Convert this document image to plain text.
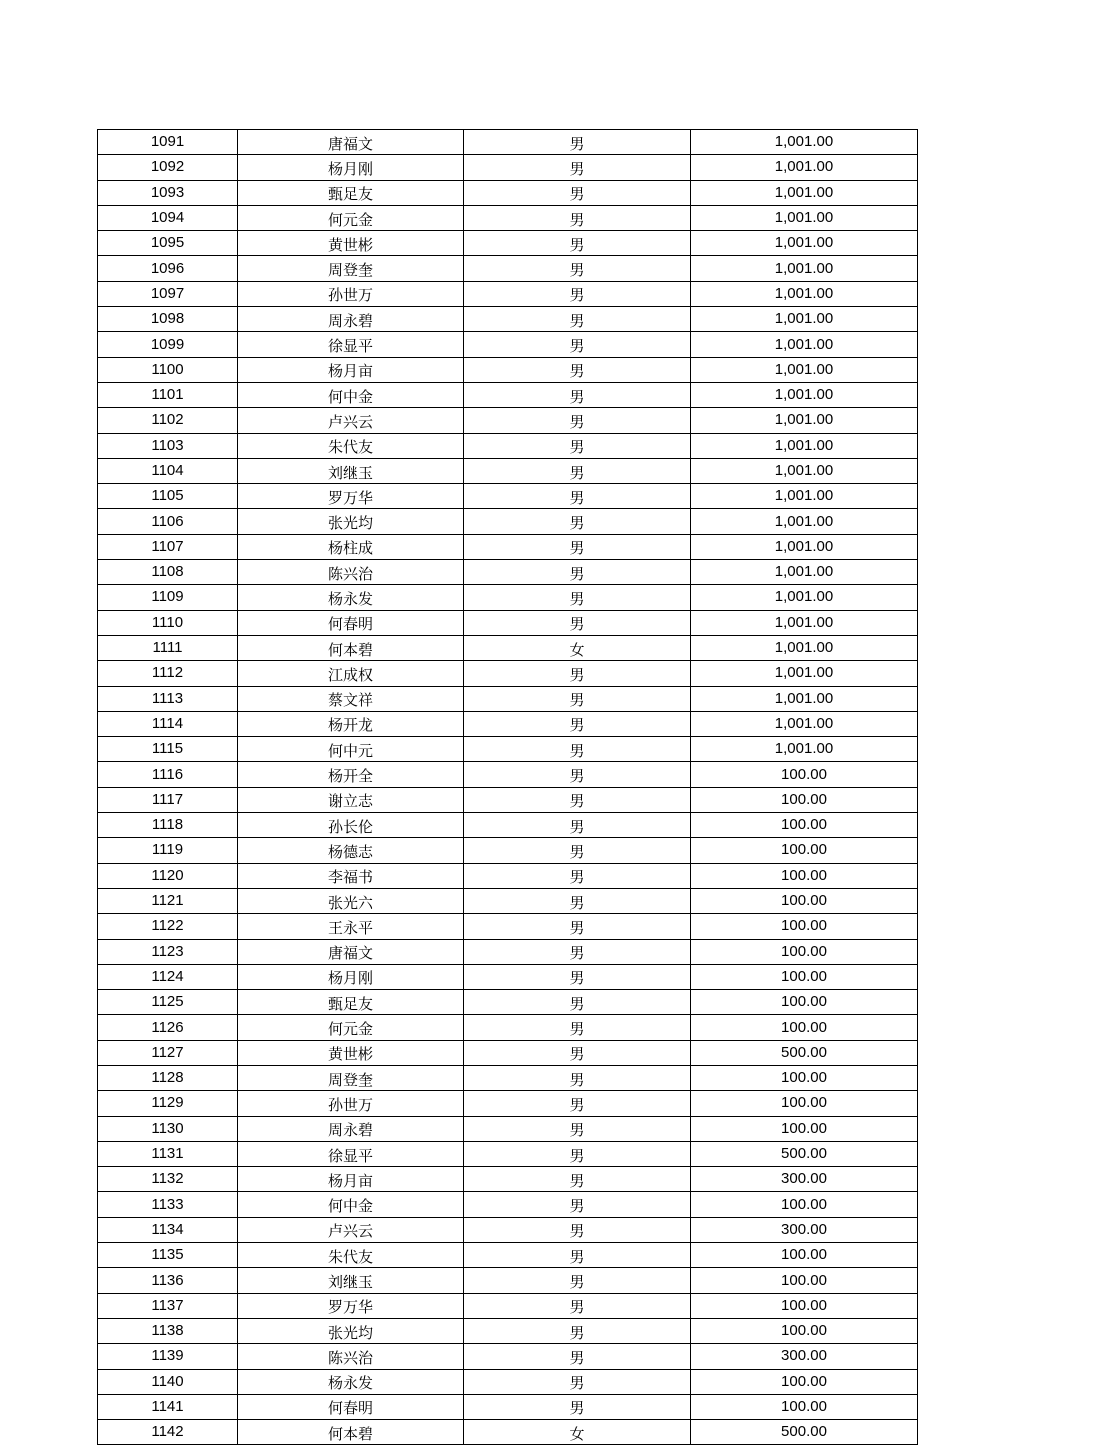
1091	唐福文	男	1,001.00
1092	杨月刚	男	1,001.00
1093	甄足友	男	1,001.00
1094	何元金	男	1,001.00
1095	黄世彬	男	1,001.00
1096	周登奎	男	1,001.00
1097	孙世万	男	1,001.00
1098	周永碧	男	1,001.00
1099	徐显平	男	1,001.00
1100	杨月亩	男	1,001.00
1101	何中金	男	1,001.00
1102	卢兴云	男	1,001.00
1103	朱代友	男	1,001.00
1104	刘继玉	男	1,001.00
1105	罗万华	男	1,001.00
1106	张光均	男	1,001.00
1107	杨柱成	男	1,001.00
1108	陈兴治	男	1,001.00
1109	杨永发	男	1,001.00
1110	何春明	男	1,001.00
1111	何本碧	女	1,001.00
1112	江成权	男	1,001.00
1113	蔡文祥	男	1,001.00
1114	杨开龙	男	1,001.00
1115	何中元	男	1,001.00
1116	杨开全	男	100.00
1117	谢立志	男	100.00
1118	孙长伦	男	100.00
1119	杨德志	男	100.00
1120	李福书	男	100.00
1121	张光六	男	100.00
1122	王永平	男	100.00
1123	唐福文	男	100.00
1124	杨月刚	男	100.00
1125	甄足友	男	100.00
1126	何元金	男	100.00
1127	黄世彬	男	500.00
1128	周登奎	男	100.00
1129	孙世万	男	100.00
1130	周永碧	男	100.00
1131	徐显平	男	500.00
1132	杨月亩	男	300.00
1133	何中金	男	100.00
1134	卢兴云	男	300.00
1135	朱代友	男	100.00
1136	刘继玉	男	100.00
1137	罗万华	男	100.00
1138	张光均	男	100.00
1139	陈兴治	男	300.00
1140	杨永发	男	100.00
1141	何春明	男	100.00
1142	何本碧	女	500.00
